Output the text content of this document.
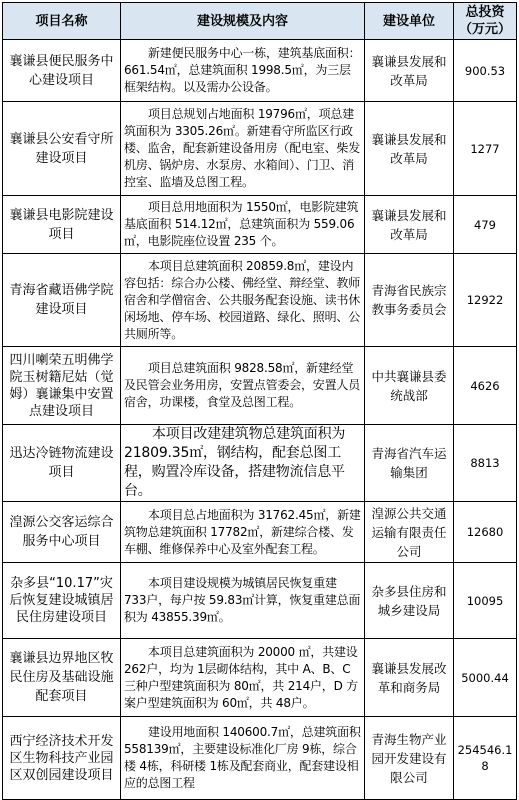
项目名称	建设规模及内容	建设单位	总投资
（万元）
襄谦县便民服务中心建设项目	新建便民服务中心一栋，建筑基底面积：661.54㎡，总建筑面积 1998.5㎡，为三层框架结构。以及需办公设备。	襄谦县发展和改革局	900.53
襄谦县公安看守所建设项目	项目总规划占地面积 19796㎡，项总建筑面积为 3305.26㎡。新建看守所监区行政楼、监舍，配套新建设备用房（配电室、柴发机房、锅炉房、水泵房、水箱间）、门卫、消控室、监墙及总图工程。	襄谦县发展和改革局	1277
襄谦县电影院建设项目	项目总用地面积为 1550㎡，电影院建筑基底面积 514.12㎡，总建筑面积为 559.06㎡，电影院座位设置 235 个。	襄谦县发展和改革局	479
青海省藏语佛学院建设项目	本项目总建筑面积 20859.8㎡，建设内容包括：综合办公楼、佛经堂、辩经堂、教师宿舍和学僧宿舍、公共服务配套设施、读书休闲场地、停车场、校园道路、绿化、照明、公共厕所等。	青海省民族宗教事务委员会	12922
四川喇荣五明佛学院玉树籍尼姑（觉姆）襄谦集中安置点建设项目	项目总建筑面积 9828.58㎡，新建经堂及民管会业务用房，安置点管委会，安置人员宿舍，功课楼，食堂及总图工程。	中共襄谦县委统战部	4626
迅达冷链物流建设项目	本项目改建建筑物总建筑面积为 21809.35㎡，钢结构，配套总图工程，购置冷库设备，搭建物流信息平台。	青海省汽车运输集团	8813
湟源公交客运综合服务中心项目	本项目总占地面积为 31762.45㎡，新建筑物总建筑面积 17782㎡，新建综合楼、发车棚、维修保养中心及室外配套工程。	湟源公共交通运输有限责任公司	12680
杂多县“10.17”灾后恢复建设城镇居民住房建设项目	本项目建设规模为城镇居民恢复重建 733户，每户按 59.83㎡计算，恢复重建总面积为 43855.39㎡。	杂多县住房和城乡建设局	10095
襄谦县边界地区牧民住房及基础设施配套项目	本项目总建筑面积为 20000 ㎡，共建设 262户，均为 1层砌体结构，其中 A、B、C 三种户型建筑面积为 80㎡，共 214户，D 方案户型建筑面积为 60㎡，共 48户。	襄谦县发展改革和商务局	5000.44
西宁经济技术开发区生物科技产业园区双创园建设项目	建设用地面积 140600.7㎡，总建筑面积 558139㎡，主要建设标准化厂房 9栋，综合楼 4栋，科研楼 1栋及配套商业，配套建设相应的总图工程	青海生物产业园开发建设有限公司	254546.18
